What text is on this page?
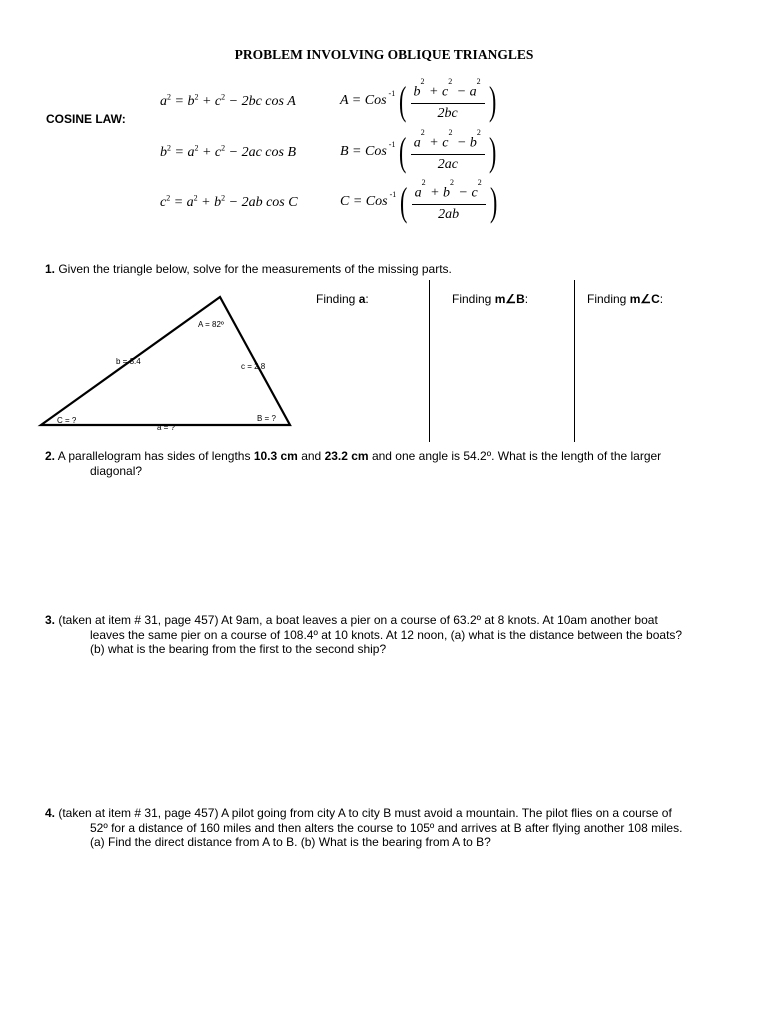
PROBLEM INVOLVING OBLIQUE TRIANGLES
COSINE LAW:
$a^2 = b^2 + c^2 - 2bc$ cos A	A = Cos $^{-1}$ ( $\frac{b^2 + c^2 - a^2}{2bc}$ )
$b^2 = a^2 + c^2 - 2ac$ cos B	B = Cos $^{-1}$ ( $\frac{a^2 + c^2 - b^2}{2ac}$ )
$c^2 = a^2 + b^2 - 2ab$ cos C	C = Cos $^{-1}$ ( $\frac{a^2 + b^2 - c^2}{2ab}$ )
1. Given the triangle below, solve for the measurements of the missing parts.
A = 82º
b = 3.4
c = 2.8
C = ?
a = ?
B = ?
Finding a:	Finding m∠B:	Finding m∠C:
2. A parallelogram has sides of lengths 10.3 cm and 23.2 cm and one angle is 54.2º. What is the length of the larger
diagonal?
3. (taken at item # 31, page 457) At 9am, a boat leaves a pier on a course of 63.2º at 8 knots. At 10am another boat
leaves the same pier on a course of 108.4º at 10 knots. At 12 noon, (a) what is the distance between the boats?
(b) what is the bearing from the first to the second ship?
4. (taken at item # 31, page 457) A pilot going from city A to city B must avoid a mountain. The pilot flies on a course of
52º for a distance of 160 miles and then alters the course to 105º and arrives at B after flying another 108 miles.
(a) Find the direct distance from A to B. (b) What is the bearing from A to B?
